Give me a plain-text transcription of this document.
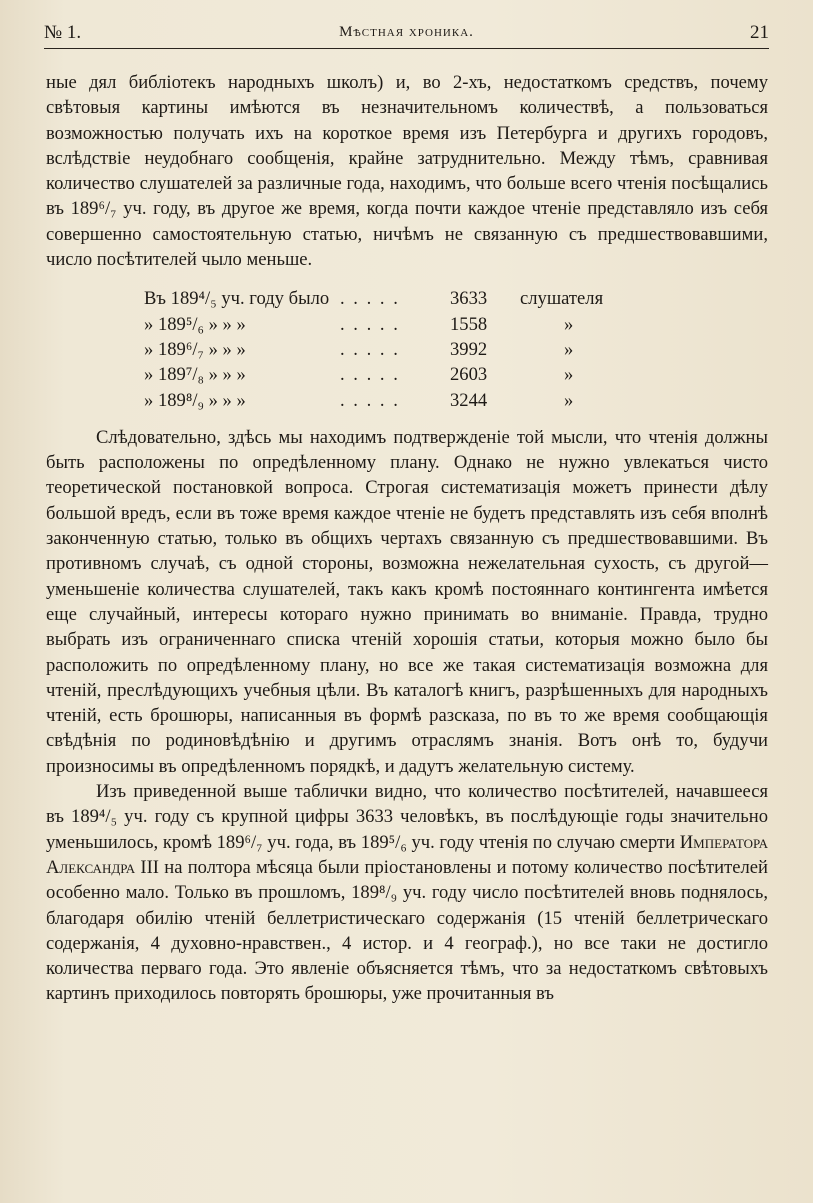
№ 1.	Мѣстная хроника.	21

ные дял библіотекъ народныхъ школъ) и, во 2-хъ, недостаткомъ средствъ, почему свѣтовыя картины имѣются въ незначительномъ количествѣ, а пользоваться возможностью получать ихъ на короткое время изъ Петербурга и другихъ городовъ, вслѣдствіе неудобнаго сообщенія, крайне затруднительно. Между тѣмъ, сравнивая количество слушателей за различные года, находимъ, что больше всего чтенія посѣщались въ 189⁶/₇ уч. году, въ другое же время, когда почти каждое чтеніе представляло изъ себя совершенно самостоятельную статью, ничѣмъ не связанную съ предшествовавшими, число посѣтителей чыло меньше.

Въ 189⁴/₅ уч. году было . . . . .	3633	слушателя
» 189⁵/₆ » » »	. . . . .	1558	»
» 189⁶/₇ » » »	. . . . .	3992	»
» 189⁷/₈ » » »	. . . . .	2603	»
» 189⁸/₉ » » »	. . . . .	3244	»

Слѣдовательно, здѣсь мы находимъ подтвержденіе той мысли, что чтенія должны быть расположены по опредѣленному плану. Однако не нужно увлекаться чисто теоретической постановкой вопроса. Строгая систематизація можетъ принести дѣлу большой вредъ, если въ тоже время каждое чтеніе не будетъ представлять изъ себя вполнѣ законченную статью, только въ общихъ чертахъ связанную съ предшествовавшими. Въ противномъ случаѣ, съ одной стороны, возможна нежелательная сухость, съ другой—уменьшеніе количества слушателей, такъ какъ кромѣ постояннаго контингента имѣется еще случайный, интересы котораго нужно принимать во вниманіе. Правда, трудно выбрать изъ ограниченнаго списка чтеній хорошія статьи, которыя можно было бы расположить по опредѣленному плану, но все же такая систематизація возможна для чтеній, преслѣдующихъ учебныя цѣли. Въ каталогѣ книгъ, разрѣшенныхъ для народныхъ чтеній, есть брошюры, написанныя въ формѣ разсказа, по въ то же время сообщающія свѣдѣнія по родиновѣдѣнію и другимъ отраслямъ знанія. Вотъ онѣ то, будучи произносимы въ опредѣленномъ порядкѣ, и дадутъ желательную систему.

Изъ приведенной выше таблички видно, что количество посѣтителей, начавшееся въ 189⁴/₅ уч. году съ крупной цифры 3633 человѣкъ, въ послѣдующіе годы значительно уменьшилось, кромѣ 189⁶/₇ уч. года, въ 189⁵/₆ уч. году чтенія по случаю смерти Императора Александра III на полтора мѣсяца были пріостановлены и потому количество посѣтителей особенно мало. Только въ прошломъ, 189⁸/₉ уч. году число посѣтителей вновь поднялось, благодаря обилію чтеній беллетристическаго содержанія (15 чтеній беллетрическаго содержанія, 4 духовно-нравствен., 4 истор. и 4 географ.), но все таки не достигло количества перваго года. Это явленіе объясняется тѣмъ, что за недостаткомъ свѣтовыхъ картинъ приходилось повторять брошюры, уже прочитанныя въ
